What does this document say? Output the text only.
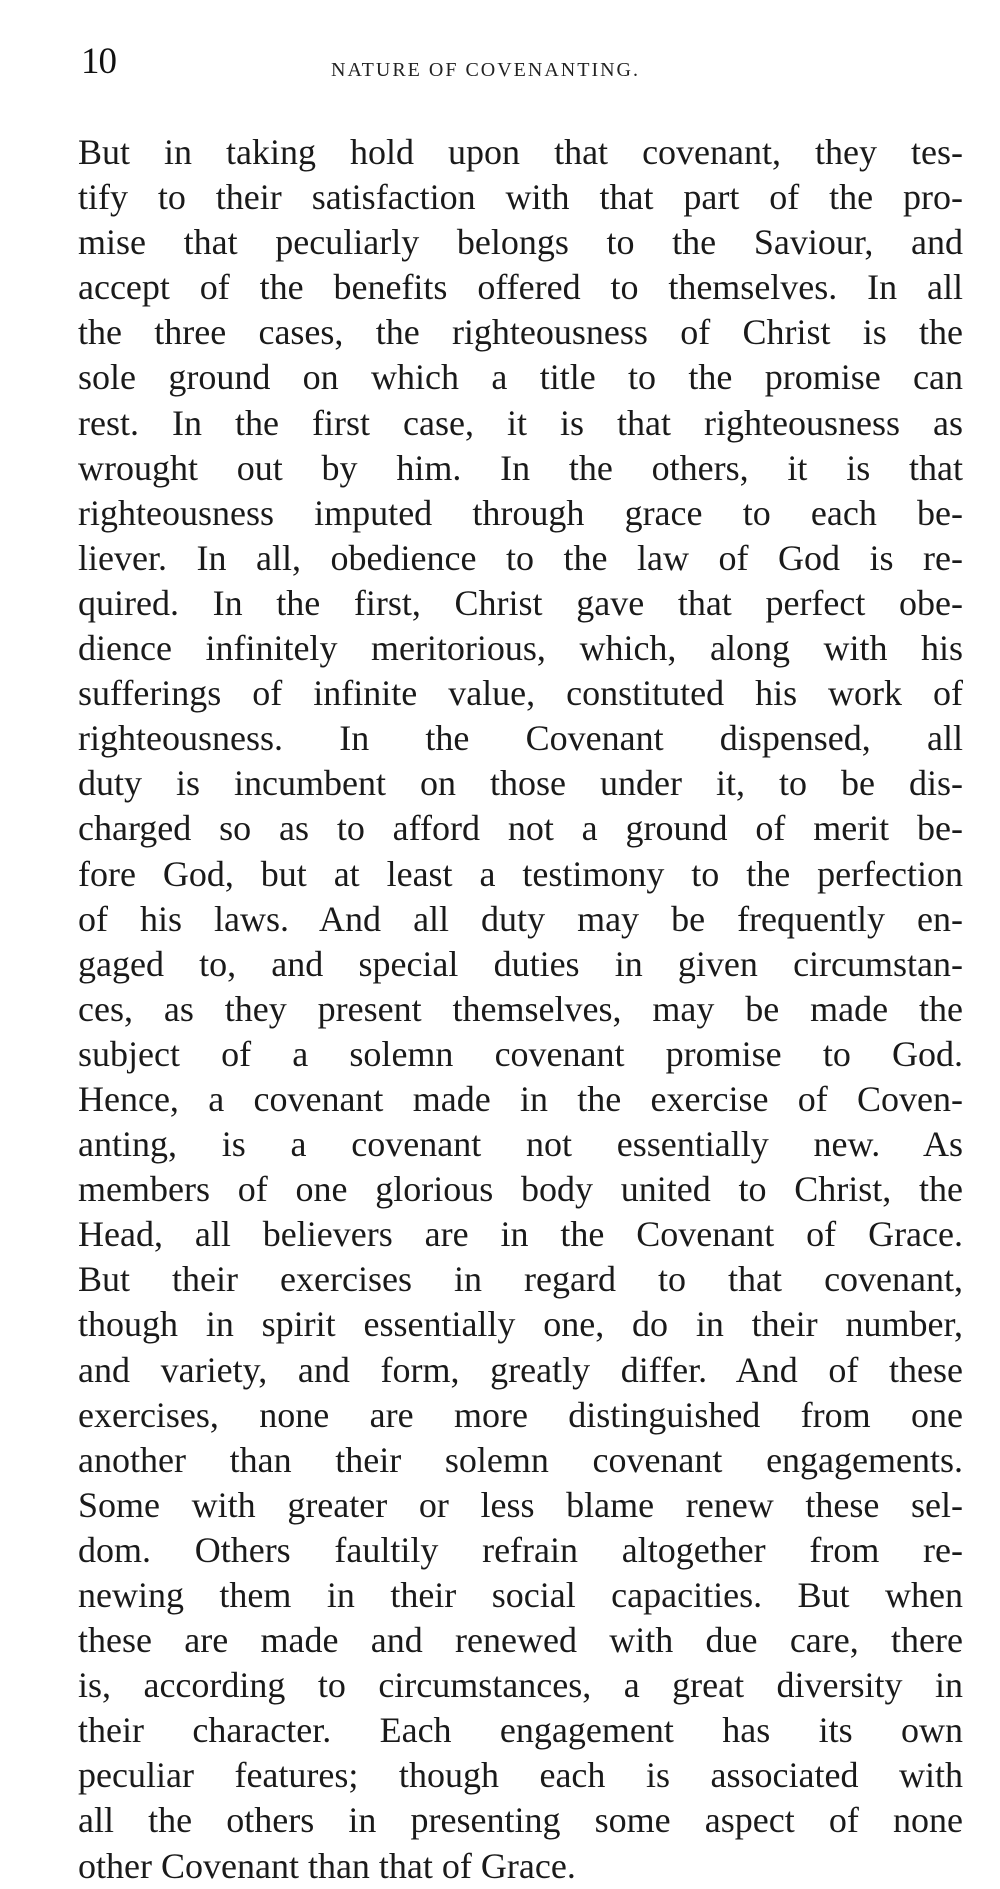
10	NATURE OF COVENANTING.
But in taking hold upon that covenant, they tes-
tify to their satisfaction with that part of the pro-
mise that peculiarly belongs to the Saviour, and
accept of the benefits offered to themselves. In all
the three cases, the righteousness of Christ is the
sole ground on which a title to the promise can
rest. In the first case, it is that righteousness as
wrought out by him. In the others, it is that
righteousness imputed through grace to each be-
liever. In all, obedience to the law of God is re-
quired. In the first, Christ gave that perfect obe-
dience infinitely meritorious, which, along with his
sufferings of infinite value, constituted his work of
righteousness. In the Covenant dispensed, all
duty is incumbent on those under it, to be dis-
charged so as to afford not a ground of merit be-
fore God, but at least a testimony to the perfection
of his laws. And all duty may be frequently en-
gaged to, and special duties in given circumstan-
ces, as they present themselves, may be made the
subject of a solemn covenant promise to God.
Hence, a covenant made in the exercise of Coven-
anting, is a covenant not essentially new. As
members of one glorious body united to Christ, the
Head, all believers are in the Covenant of Grace.
But their exercises in regard to that covenant,
though in spirit essentially one, do in their number,
and variety, and form, greatly differ. And of these
exercises, none are more distinguished from one
another than their solemn covenant engagements.
Some with greater or less blame renew these sel-
dom. Others faultily refrain altogether from re-
newing them in their social capacities. But when
these are made and renewed with due care, there
is, according to circumstances, a great diversity in
their character. Each engagement has its own
peculiar features; though each is associated with
all the others in presenting some aspect of none
other Covenant than that of Grace.
